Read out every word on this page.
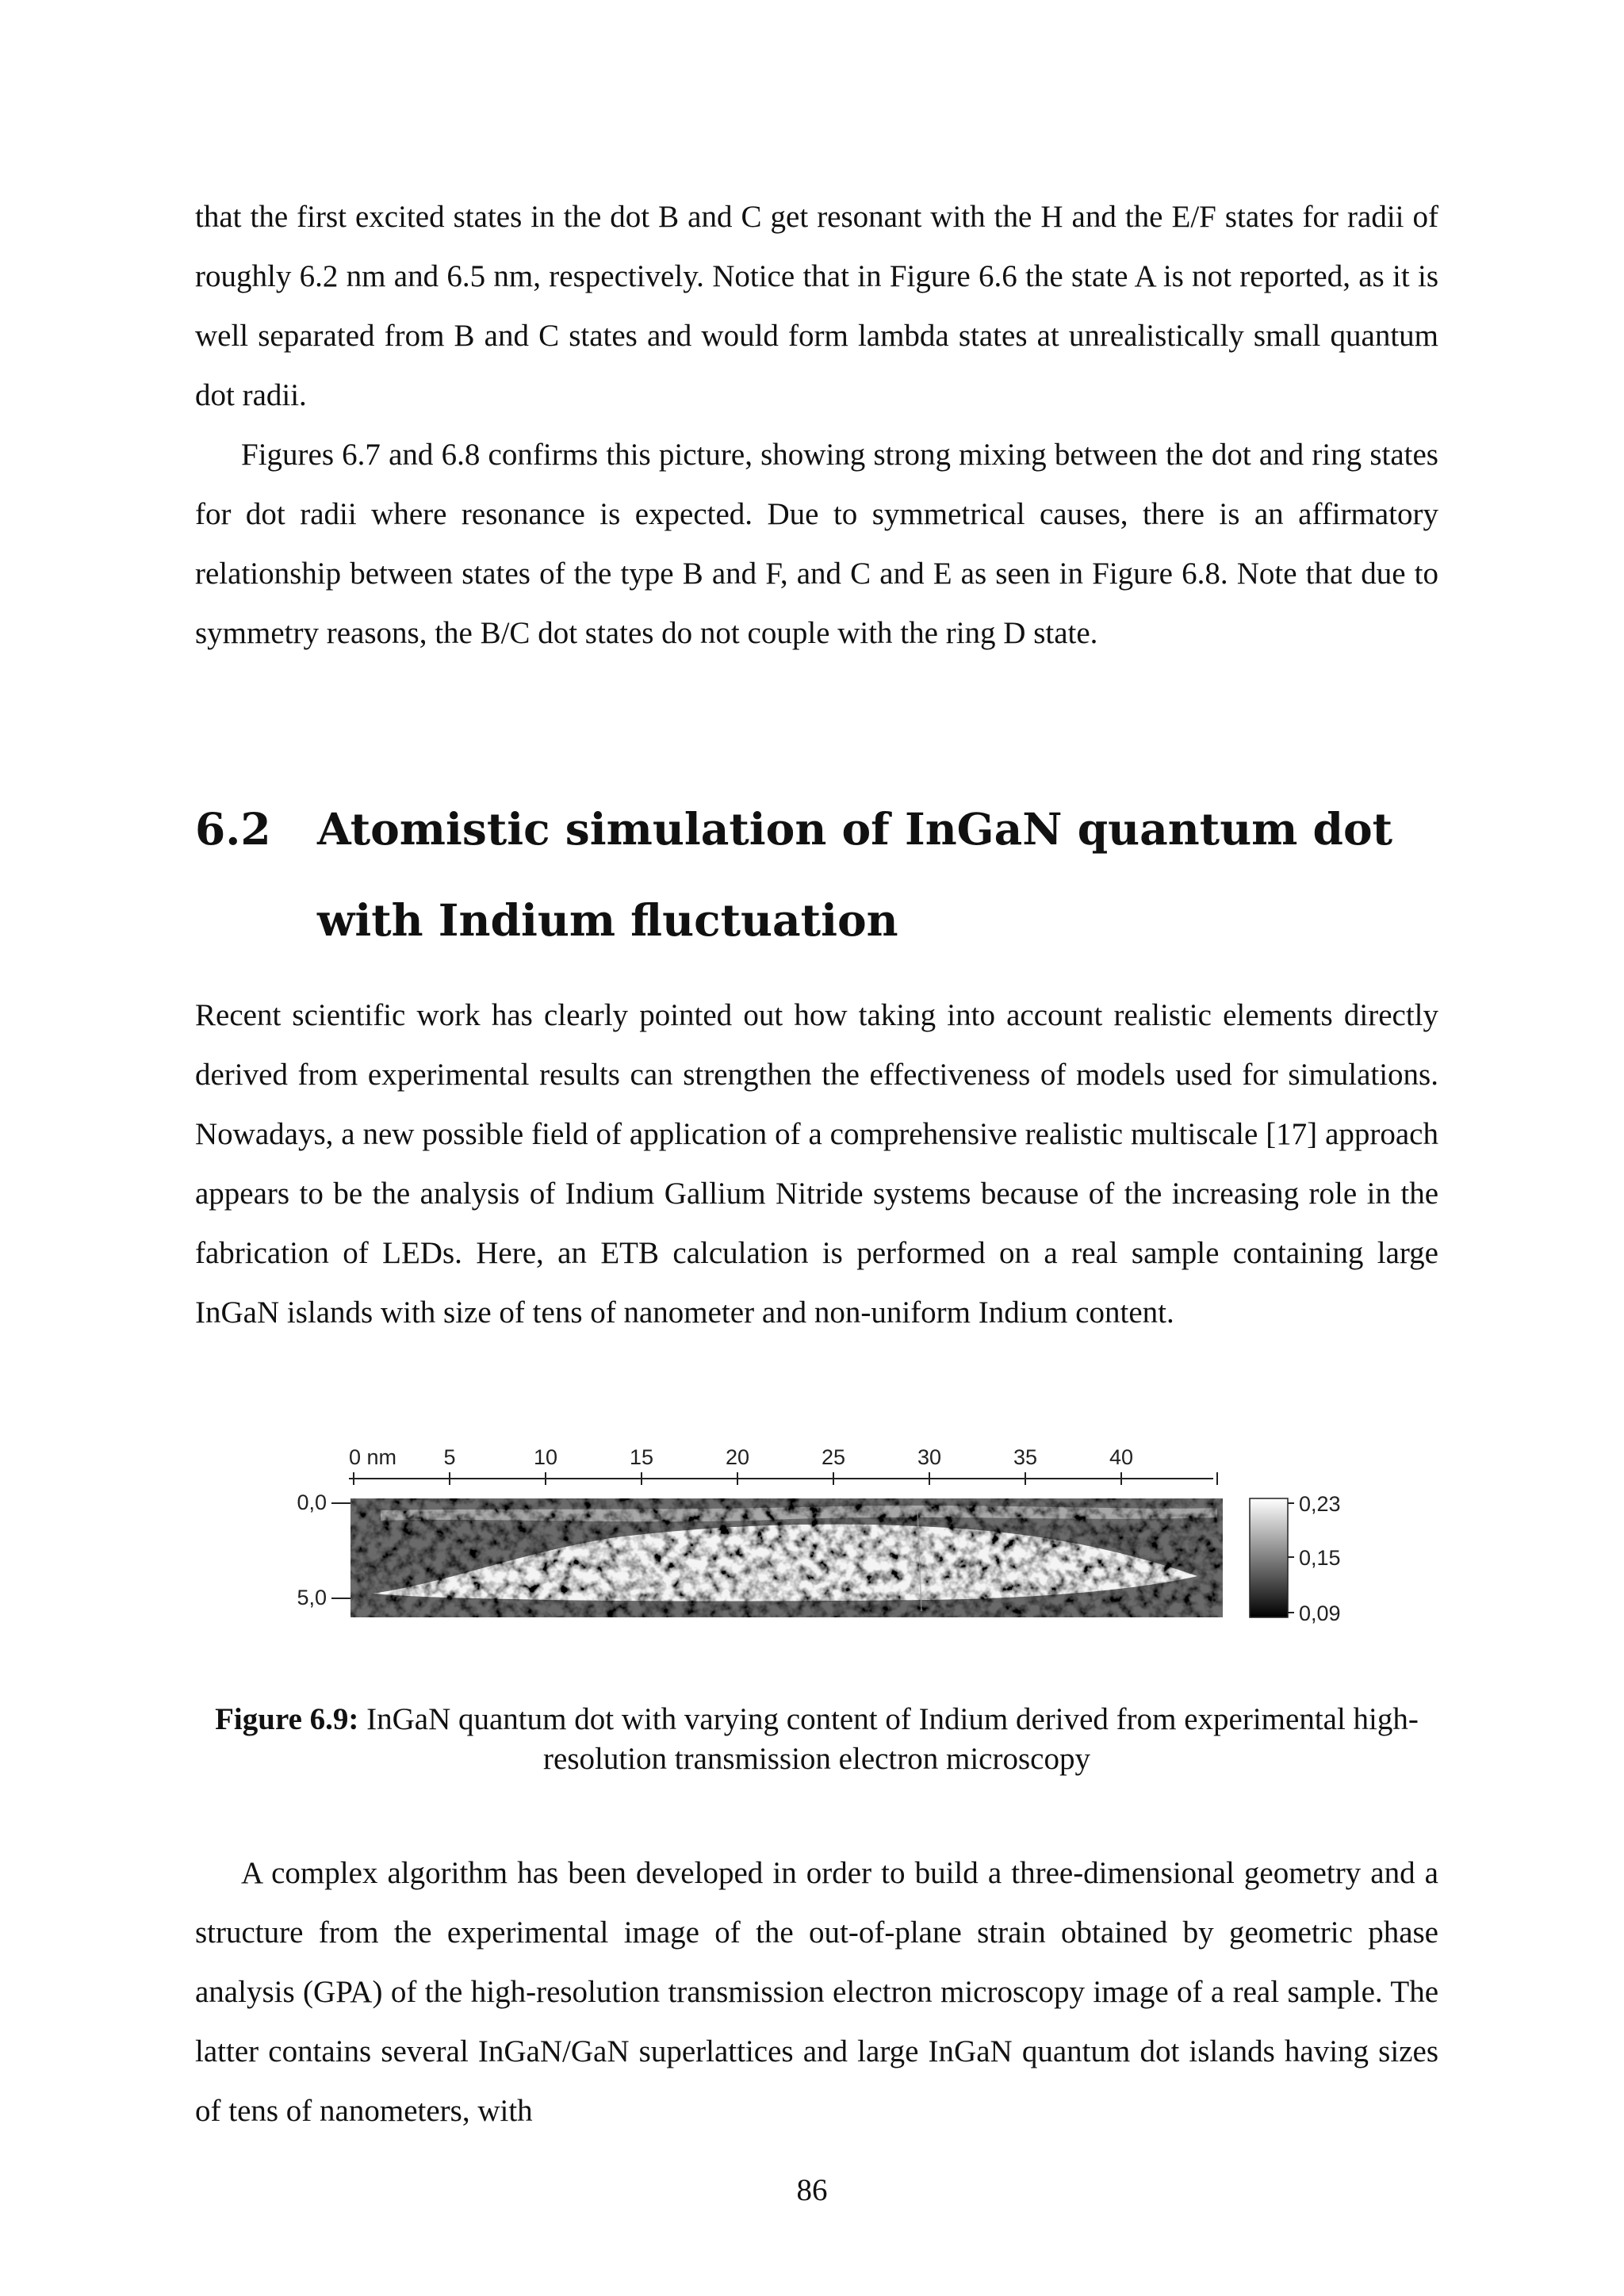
that the first excited states in the dot B and C get resonant with the H and the E/F states for radii of roughly 6.2 nm and 6.5 nm, respectively. Notice that in Figure 6.6 the state A is not reported, as it is well separated from B and C states and would form lambda states at unrealistically small quantum dot radii.

Figures 6.7 and 6.8 confirms this picture, showing strong mixing between the dot and ring states for dot radii where resonance is expected. Due to symmetrical causes, there is an affirmatory relationship between states of the type B and F, and C and E as seen in Figure 6.8. Note that due to symmetry reasons, the B/C dot states do not couple with the ring D state.

6.2 Atomistic simulation of InGaN quantum dot with Indium fluctuation

Recent scientific work has clearly pointed out how taking into account realistic elements directly derived from experimental results can strengthen the effectiveness of models used for simulations. Nowadays, a new possible field of application of a comprehensive realistic multiscale [17] approach appears to be the analysis of Indium Gallium Nitride systems because of the increasing role in the fabrication of LEDs. Here, an ETB calculation is performed on a real sample containing large InGaN islands with size of tens of nanometer and non-uniform Indium content.

0 nm 5	10	15	20	25	30	35	40
0,0
5,0
0,23
0,15
0,09

Figure 6.9: InGaN quantum dot with varying content of Indium derived from experimental high-resolution transmission electron microscopy

A complex algorithm has been developed in order to build a three-dimensional geometry and a structure from the experimental image of the out-of-plane strain obtained by geometric phase analysis (GPA) of the high-resolution transmission electron microscopy image of a real sample. The latter contains several InGaN/GaN superlattices and large InGaN quantum dot islands having sizes of tens of nanometers, with

86
